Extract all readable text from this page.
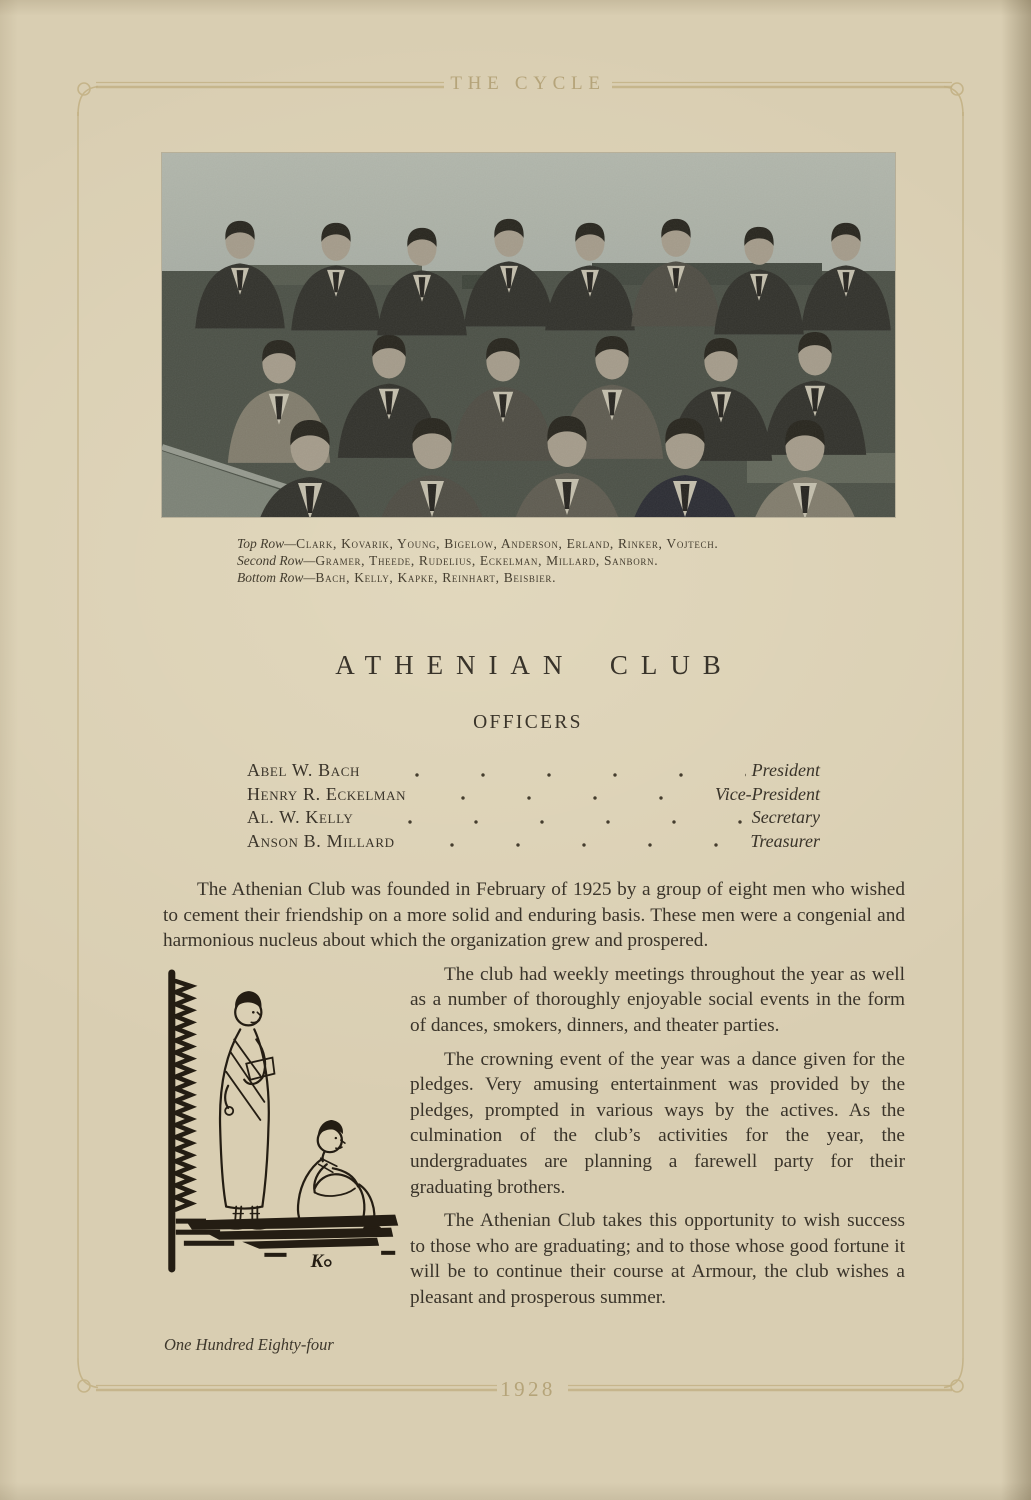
THE CYCLE
Top Row—Clark, Kovarik, Young, Bigelow, Anderson, Erland, Rinker, Vojtech.
Second Row—Gramer, Theede, Rudelius, Eckelman, Millard, Sanborn.
Bottom Row—Bach, Kelly, Kapke, Reinhart, Beisbier.
ATHENIAN CLUB
OFFICERS
Abel W. Bach	President
Henry R. Eckelman	Vice-President
Al. W. Kelly	Secretary
Anson B. Millard	Treasurer

The Athenian Club was founded in February of 1925 by a group of eight men who wished to cement their friendship on a more solid and enduring basis. These men were a congenial and harmonious nucleus about which the organization grew and prospered.

K

The club had weekly meetings throughout the year as well as a number of thoroughly enjoyable social events in the form of dances, smokers, dinners, and theater parties.

The crowning event of the year was a dance given for the pledges. Very amusing entertainment was provided by the pledges, prompted in various ways by the actives. As the culmination of the club’s activities for the year, the undergraduates are planning a farewell party for their graduating brothers.

The Athenian Club takes this opportunity to wish success to those who are graduating; and to those whose good fortune it will be to continue their course at Armour, the club wishes a pleasant and prosperous summer.

One Hundred Eighty-four
1928
